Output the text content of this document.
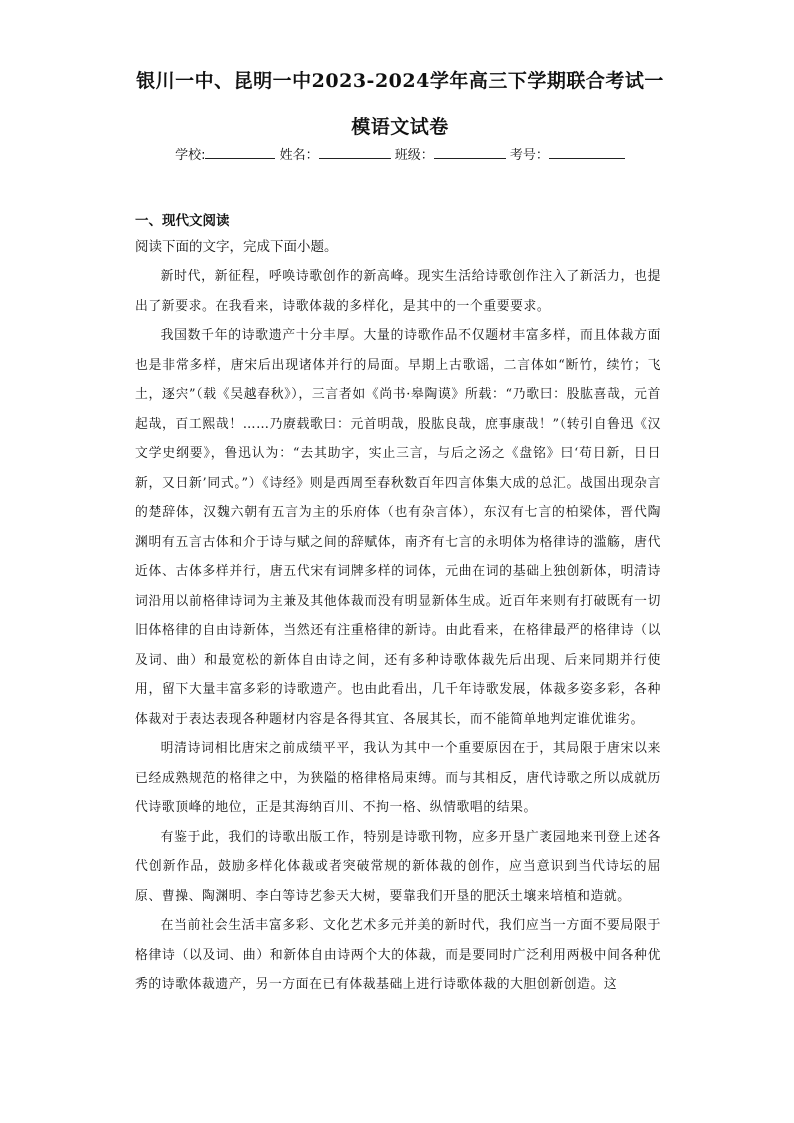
银川一中、昆明一中2023-2024学年高三下学期联合考试一
模语文试卷
学校:	姓名：	班级：	考号：
一、现代文阅读
阅读下面的文字，完成下面小题。

新时代，新征程，呼唤诗歌创作的新高峰。现实生活给诗歌创作注入了新活力，也提出了新要求。在我看来，诗歌体裁的多样化，是其中的一个重要要求。

我国数千年的诗歌遗产十分丰厚。大量的诗歌作品不仅题材丰富多样，而且体裁方面也是非常多样，唐宋后出现诸体并行的局面。早期上古歌谣，二言体如“断竹，续竹；飞土，逐宍”（载《吴越春秋》），三言者如《尚书·皋陶谟》所载：“乃歌曰：股肱喜哉，元首起哉，百工熙哉！……乃赓载歌曰：元首明哉，股肱良哉，庶事康哉！”（转引自鲁迅《汉文学史纲要》，鲁迅认为：“去其助字，实止三言，与后之汤之《盘铭》曰‘苟日新，日日新，又日新’同式。”）《诗经》则是西周至春秋数百年四言体集大成的总汇。战国出现杂言的楚辞体，汉魏六朝有五言为主的乐府体（也有杂言体），东汉有七言的柏梁体，晋代陶渊明有五言古体和介于诗与赋之间的辞赋体，南齐有七言的永明体为格律诗的滥觞，唐代近体、古体多样并行，唐五代宋有词牌多样的词体，元曲在词的基础上独创新体，明清诗词沿用以前格律诗词为主兼及其他体裁而没有明显新体生成。近百年来则有打破既有一切旧体格律的自由诗新体，当然还有注重格律的新诗。由此看来，在格律最严的格律诗（以及词、曲）和最宽松的新体自由诗之间，还有多种诗歌体裁先后出现、后来同期并行使用，留下大量丰富多彩的诗歌遗产。也由此看出，几千年诗歌发展，体裁多姿多彩，各种体裁对于表达表现各种题材内容是各得其宜、各展其长，而不能简单地判定谁优谁劣。

明清诗词相比唐宋之前成绩平平，我认为其中一个重要原因在于，其局限于唐宋以来已经成熟规范的格律之中，为狭隘的格律格局束缚。而与其相反，唐代诗歌之所以成就历代诗歌顶峰的地位，正是其海纳百川、不拘一格、纵情歌唱的结果。

有鉴于此，我们的诗歌出版工作，特别是诗歌刊物，应多开垦广袤园地来刊登上述各代创新作品，鼓励多样化体裁或者突破常规的新体裁的创作，应当意识到当代诗坛的屈原、曹操、陶渊明、李白等诗艺参天大树，要靠我们开垦的肥沃土壤来培植和造就。

在当前社会生活丰富多彩、文化艺术多元并美的新时代，我们应当一方面不要局限于格律诗（以及词、曲）和新体自由诗两个大的体裁，而是要同时广泛利用两极中间各种优秀的诗歌体裁遗产，另一方面在已有体裁基础上进行诗歌体裁的大胆创新创造。这
